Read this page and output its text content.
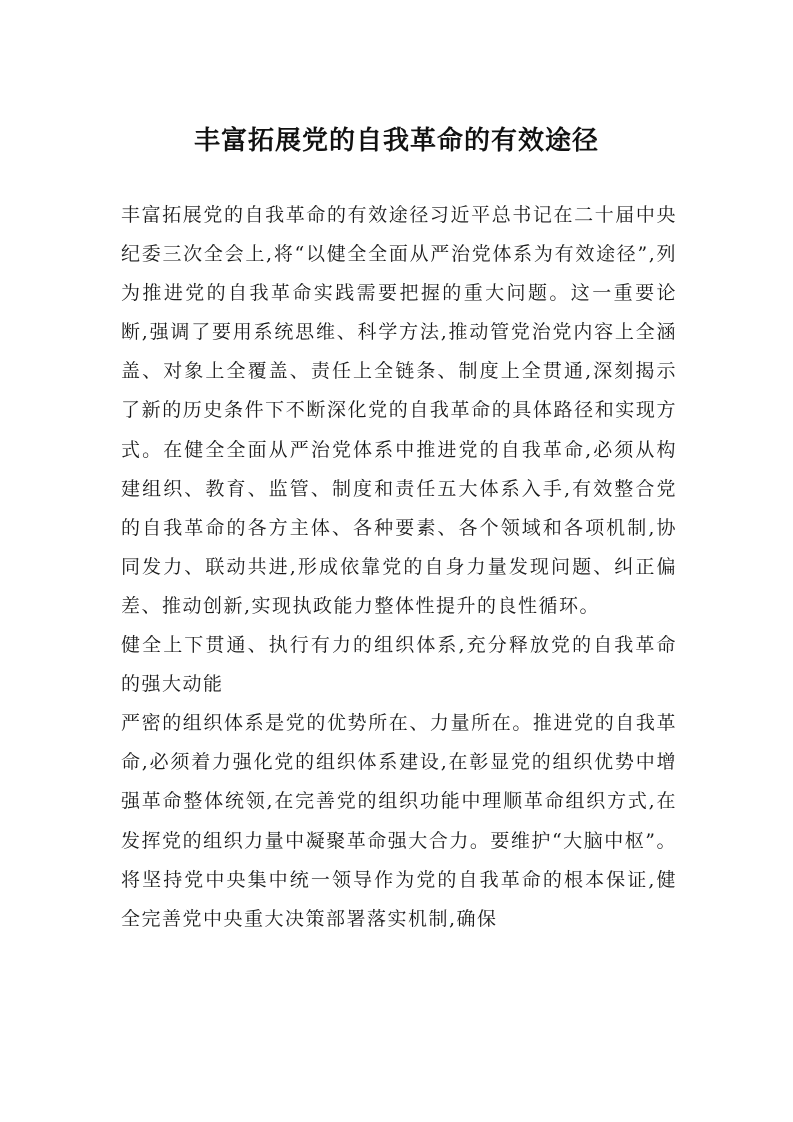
丰富拓展党的自我革命的有效途径

丰富拓展党的自我革命的有效途径习近平总书记在二十届中央纪委三次全会上,将“以健全全面从严治党体系为有效途径”,列为推进党的自我革命实践需要把握的重大问题。这一重要论断,强调了要用系统思维、科学方法,推动管党治党内容上全涵盖、对象上全覆盖、责任上全链条、制度上全贯通,深刻揭示了新的历史条件下不断深化党的自我革命的具体路径和实现方式。在健全全面从严治党体系中推进党的自我革命,必须从构建组织、教育、监管、制度和责任五大体系入手,有效整合党的自我革命的各方主体、各种要素、各个领域和各项机制,协同发力、联动共进,形成依靠党的自身力量发现问题、纠正偏差、推动创新,实现执政能力整体性提升的良性循环。

健全上下贯通、执行有力的组织体系,充分释放党的自我革命的强大动能

严密的组织体系是党的优势所在、力量所在。推进党的自我革命,必须着力强化党的组织体系建设,在彰显党的组织优势中增强革命整体统领,在完善党的组织功能中理顺革命组织方式,在发挥党的组织力量中凝聚革命强大合力。要维护“大脑中枢”。将坚持党中央集中统一领导作为党的自我革命的根本保证,健全完善党中央重大决策部署落实机制,确保
